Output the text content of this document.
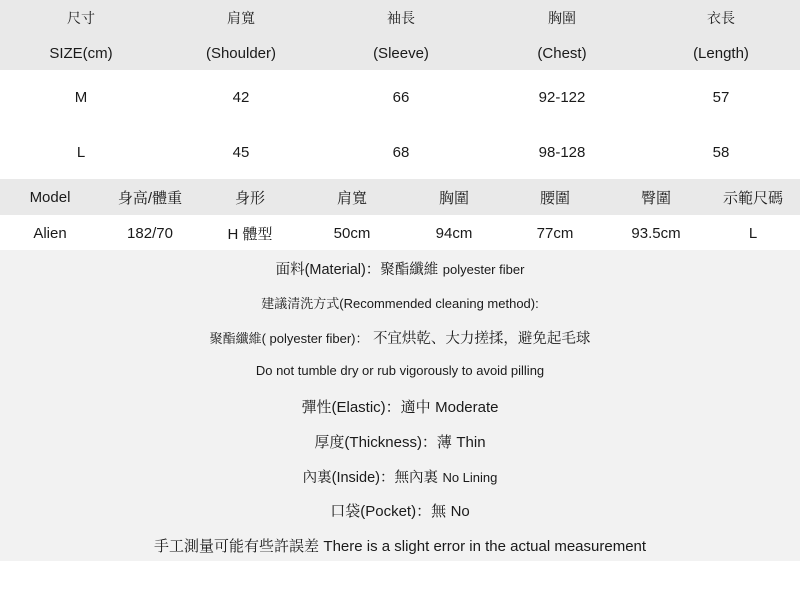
尺寸	肩寬	袖長	胸圍	衣長
SIZE(cm)	(Shoulder)	(Sleeve)	(Chest)	(Length)
M	42	66	92-122	57
L	45	68	98-128	58
Model	身高/體重	身形	肩寬	胸圍	腰圍	臀圍	示範尺碼
Alien	182/70	H 體型	50cm	94cm	77cm	93.5cm	L
面料(Material)：聚酯纖維 polyester fiber
建議清洗方式(Recommended cleaning method):
聚酯纖維( polyester fiber)： 不宜烘乾、大力搓揉，避免起毛球
Do not tumble dry or rub vigorously to avoid pilling
彈性(Elastic)：適中 Moderate
厚度(Thickness)：薄 Thin
內裏(Inside)：無內裏 No Lining
口袋(Pocket)：無 No
手工測量可能有些許誤差 There is a slight error in the actual measurement
